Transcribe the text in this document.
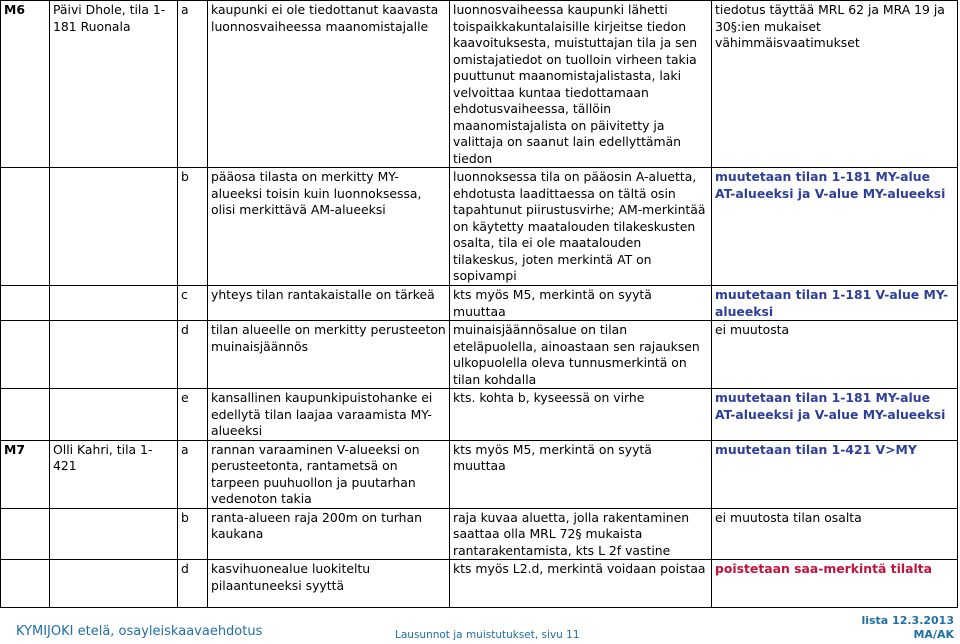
M6	Päivi Dhole, tila 1-181 Ruonala	a	kaupunki ei ole tiedottanut kaavasta luonnosvaiheessa maanomistajalle	luonnosvaiheessa kaupunki lähetti toispaikkakuntalaisille kirjeitse tiedon kaavoituksesta, muistuttajan tila ja sen omistajatiedot on tuolloin virheen takia puuttunut maanomistajalistasta, laki velvoittaa kuntaa tiedottamaan ehdotusvaiheessa, tällöin maanomistajalista on päivitetty ja valittaja on saanut lain edellyttämän tiedon	tiedotus täyttää MRL 62 ja MRA 19 ja 30§:ien mukaiset vähimmäisvaatimukset
		b	pääosa tilasta on merkitty MY-alueeksi toisin kuin luonnoksessa, olisi merkittävä AM-alueeksi	luonnoksessa tila on pääosin A-aluetta, ehdotusta laadittaessa on tältä osin tapahtunut piirustusvirhe; AM-merkintää on käytetty maatalouden tilakeskusten osalta, tila ei ole maatalouden tilakeskus, joten merkintä AT on sopivampi	muutetaan tilan 1-181 MY-alue AT-alueeksi ja V-alue MY-alueeksi
		c	yhteys tilan rantakaistalle on tärkeä	kts myös M5, merkintä on syytä muuttaa	muutetaan tilan 1-181 V-alue MY-alueeksi
		d	tilan alueelle on merkitty perusteeton muinaisjäännös	muinaisjäännösalue on tilan eteläpuolella, ainoastaan sen rajauksen ulkopuolella oleva tunnusmerkintä on tilan kohdalla	ei muutosta
		e	kansallinen kaupunkipuistohanke ei edellytä tilan laajaa varaamista MY-alueeksi	kts. kohta b, kyseessä on virhe	muutetaan tilan 1-181 MY-alue AT-alueeksi ja V-alue MY-alueeksi
M7	Olli Kahri, tila 1-421	a	rannan varaaminen V-alueeksi on perusteetonta, rantametsä on tarpeen puuhuollon ja puutarhan vedenoton takia	kts myös M5, merkintä on syytä muuttaa	muutetaan tilan 1-421 V>MY
		b	ranta-alueen raja 200m on turhan kaukana	raja kuvaa aluetta, jolla rakentaminen saattaa olla MRL 72§ mukaista rantarakentamista, kts L 2f vastine	ei muutosta tilan osalta
		d	kasvihuonealue luokiteltu pilaantuneeksi syyttä	kts myös L2.d, merkintä voidaan poistaa	poistetaan saa-merkintä tilalta
KYMIJOKI etelä, osayleiskaavaehdotus	Lausunnot ja muistutukset, sivu 11
lista 12.3.2013
MA/AK
